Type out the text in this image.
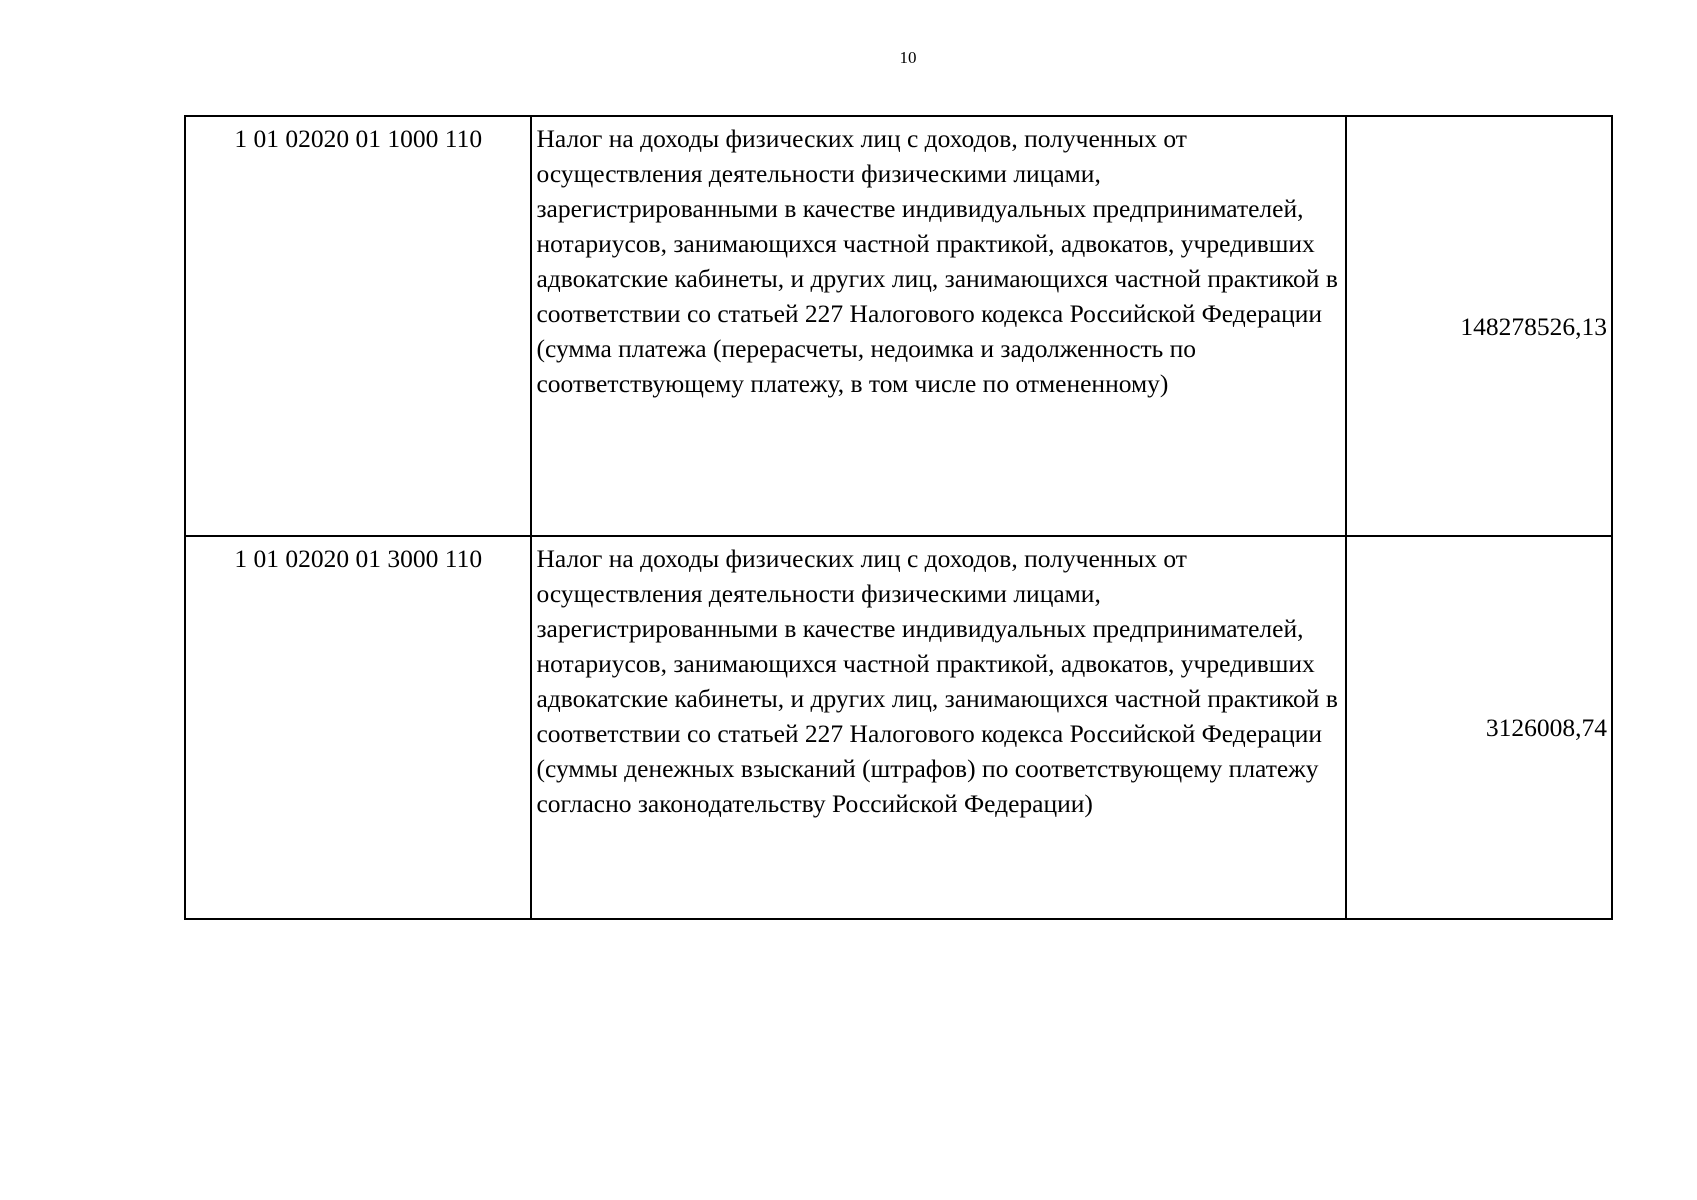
10
1 01 02020 01 1000 110	Налог на доходы физических лиц с доходов, полученных от осуществления деятельности физическими лицами, зарегистрированными в качестве индивидуальных предпринимателей, нотариусов, занимающихся частной практикой, адвокатов, учредивших адвокатские кабинеты, и других лиц, занимающихся частной практикой в соответствии со статьей 227 Налогового кодекса Российской Федерации (сумма платежа (перерасчеты, недоимка и задолженность по соответствующему платежу, в том числе по отмененному)	148278526,13
1 01 02020 01 3000 110	Налог на доходы физических лиц с доходов, полученных от осуществления деятельности физическими лицами, зарегистрированными в качестве индивидуальных предпринимателей, нотариусов, занимающихся частной практикой, адвокатов, учредивших адвокатские кабинеты, и других лиц, занимающихся частной практикой в соответствии со статьей 227 Налогового кодекса Российской Федерации (суммы денежных взысканий (штрафов) по соответствующему платежу согласно законодательству Российской Федерации)	3126008,74
